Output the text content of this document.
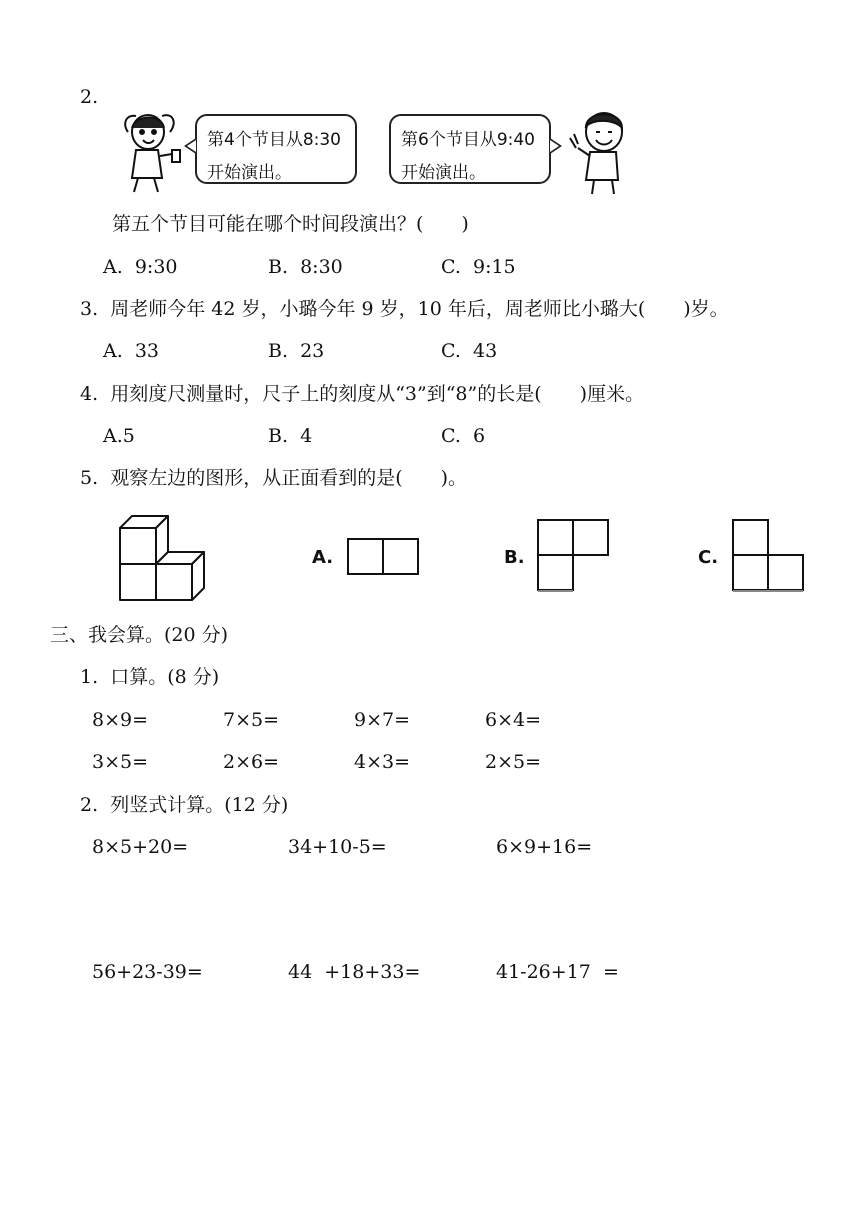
2.
第4个节目从8:30
开始演出。
第6个节目从9:40
开始演出。
第五个节目可能在哪个时间段演出？(　　)
A.  9:30	B.  8:30	C.  9:15
3.  周老师今年 42 岁，小璐今年 9 岁，10 年后，周老师比小璐大(　　)岁。
A.  33	B.  23	C.  43
4.  用刻度尺测量时，尺子上的刻度从“3”到“8”的长是(　　)厘米。
A.5	B.  4	C.  6
5.  观察左边的图形，从正面看到的是(　　)。
A.	B.	C.
三、我会算。(20 分)
1.  口算。(8 分)
8×9=	7×5=	9×7=	6×4=
3×5=	2×6=	4×3=	2×5=
2.  列竖式计算。(12 分)
8×5+20=	34+10-5=	6×9+16=
56+23-39=	44  +18+33=	41-26+17  =
